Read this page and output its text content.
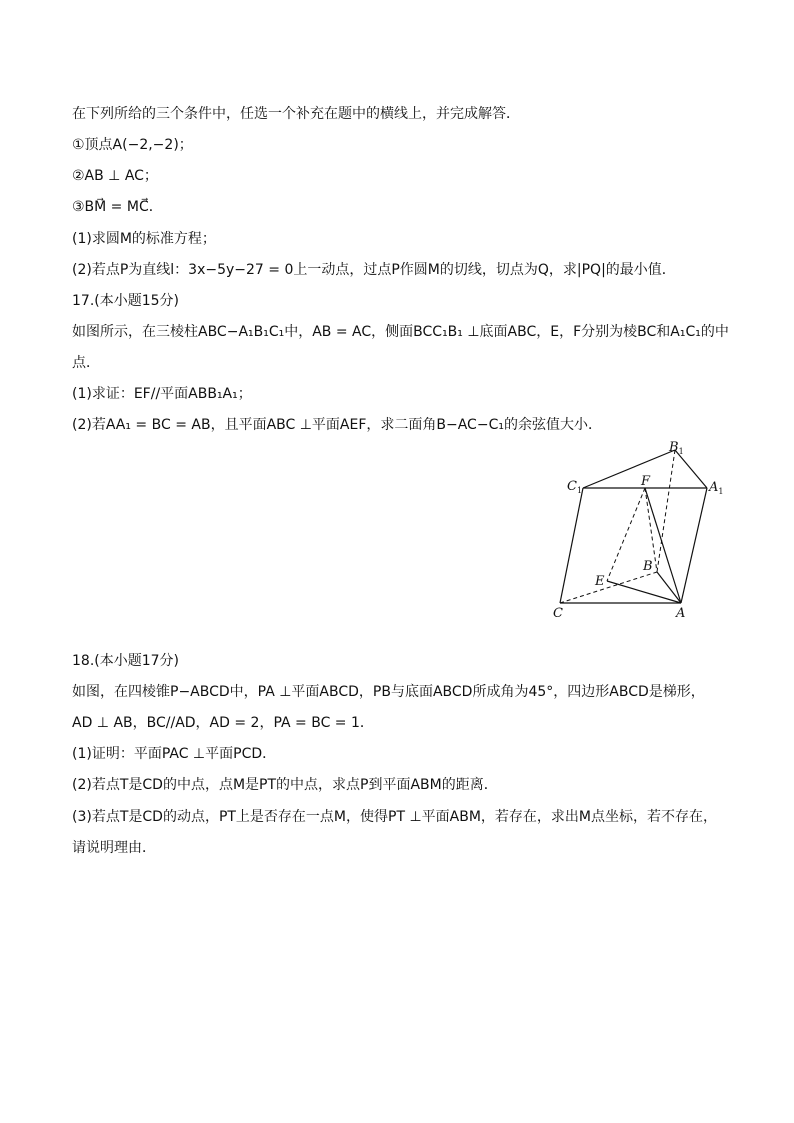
在下列所给的三个条件中，任选一个补充在题中的横线上，并完成解答．
①顶点A(−2,−2)；
②AB ⊥ AC；
③BM⃗ = MC⃗．
(1)求圆M的标准方程；
(2)若点P为直线l：3x−5y−27 = 0上一动点，过点P作圆M的切线，切点为Q，求|PQ|的最小值．
17.(本小题15分)
如图所示，在三棱柱ABC−A₁B₁C₁中，AB = AC，侧面BCC₁B₁ ⊥底面ABC，E，F分别为棱BC和A₁C₁的中
点．
(1)求证：EF//平面ABB₁A₁；
(2)若AA₁ = BC = AB，且平面ABC ⊥平面AEF，求二面角B−AC−C₁的余弦值大小．
$B_1$
$C_1$	$A_1$
F
E
B
C	A
18.(本小题17分)
如图，在四棱锥P−ABCD中，PA ⊥平面ABCD，PB与底面ABCD所成角为45°，四边形ABCD是梯形，
AD ⊥ AB，BC//AD，AD = 2，PA = BC = 1．
(1)证明：平面PAC ⊥平面PCD．
(2)若点T是CD的中点，点M是PT的中点，求点P到平面ABM的距离．
(3)若点T是CD的动点，PT上是否存在一点M，使得PT ⊥平面ABM，若存在，求出M点坐标，若不存在，
请说明理由．
